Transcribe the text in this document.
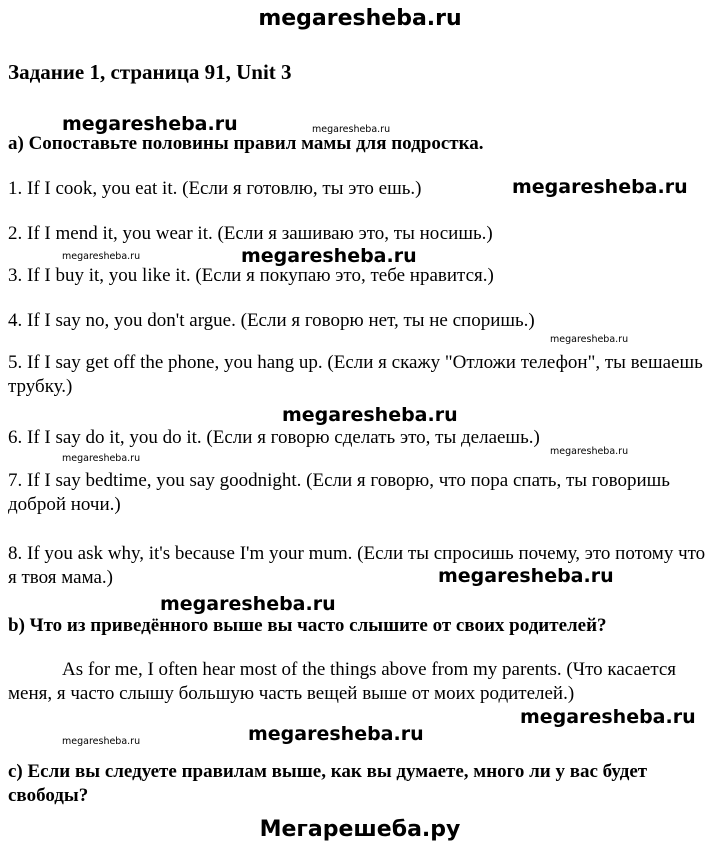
megaresheba.ru
Задание 1, страница 91, Unit 3
megaresheba.ru	megaresheba.ru
a) Сопоставьте половины правил мамы для подростка.
1. If I cook, you eat it. (Если я готовлю, ты это ешь.)	megaresheba.ru
2. If I mend it, you wear it. (Если я зашиваю это, ты носишь.)
megaresheba.ru	megaresheba.ru
3. If I buy it, you like it. (Если я покупаю это, тебе нравится.)
4. If I say no, you don't argue. (Если я говорю нет, ты не споришь.)
megaresheba.ru
5. If I say get off the phone, you hang up. (Если я скажу "Отложи телефон", ты вешаешь трубку.)
megaresheba.ru
6. If I say do it, you do it. (Если я говорю сделать это, ты делаешь.)
megaresheba.ru
megaresheba.ru
7. If I say bedtime, you say goodnight. (Если я говорю, что пора спать, ты говоришь доброй ночи.)
8. If you ask why, it's because I'm your mum. (Если ты спросишь почему, это потому что я твоя мама.)	megaresheba.ru
megaresheba.ru
b) Что из приведённого выше вы часто слышите от своих родителей?
As for me, I often hear most of the things above from my parents. (Что касается меня, я часто слышу большую часть вещей выше от моих родителей.)
megaresheba.ru
megaresheba.ru	megaresheba.ru
c) Если вы следуете правилам выше, как вы думаете, много ли у вас будет свободы?
Мегарешеба.ру
